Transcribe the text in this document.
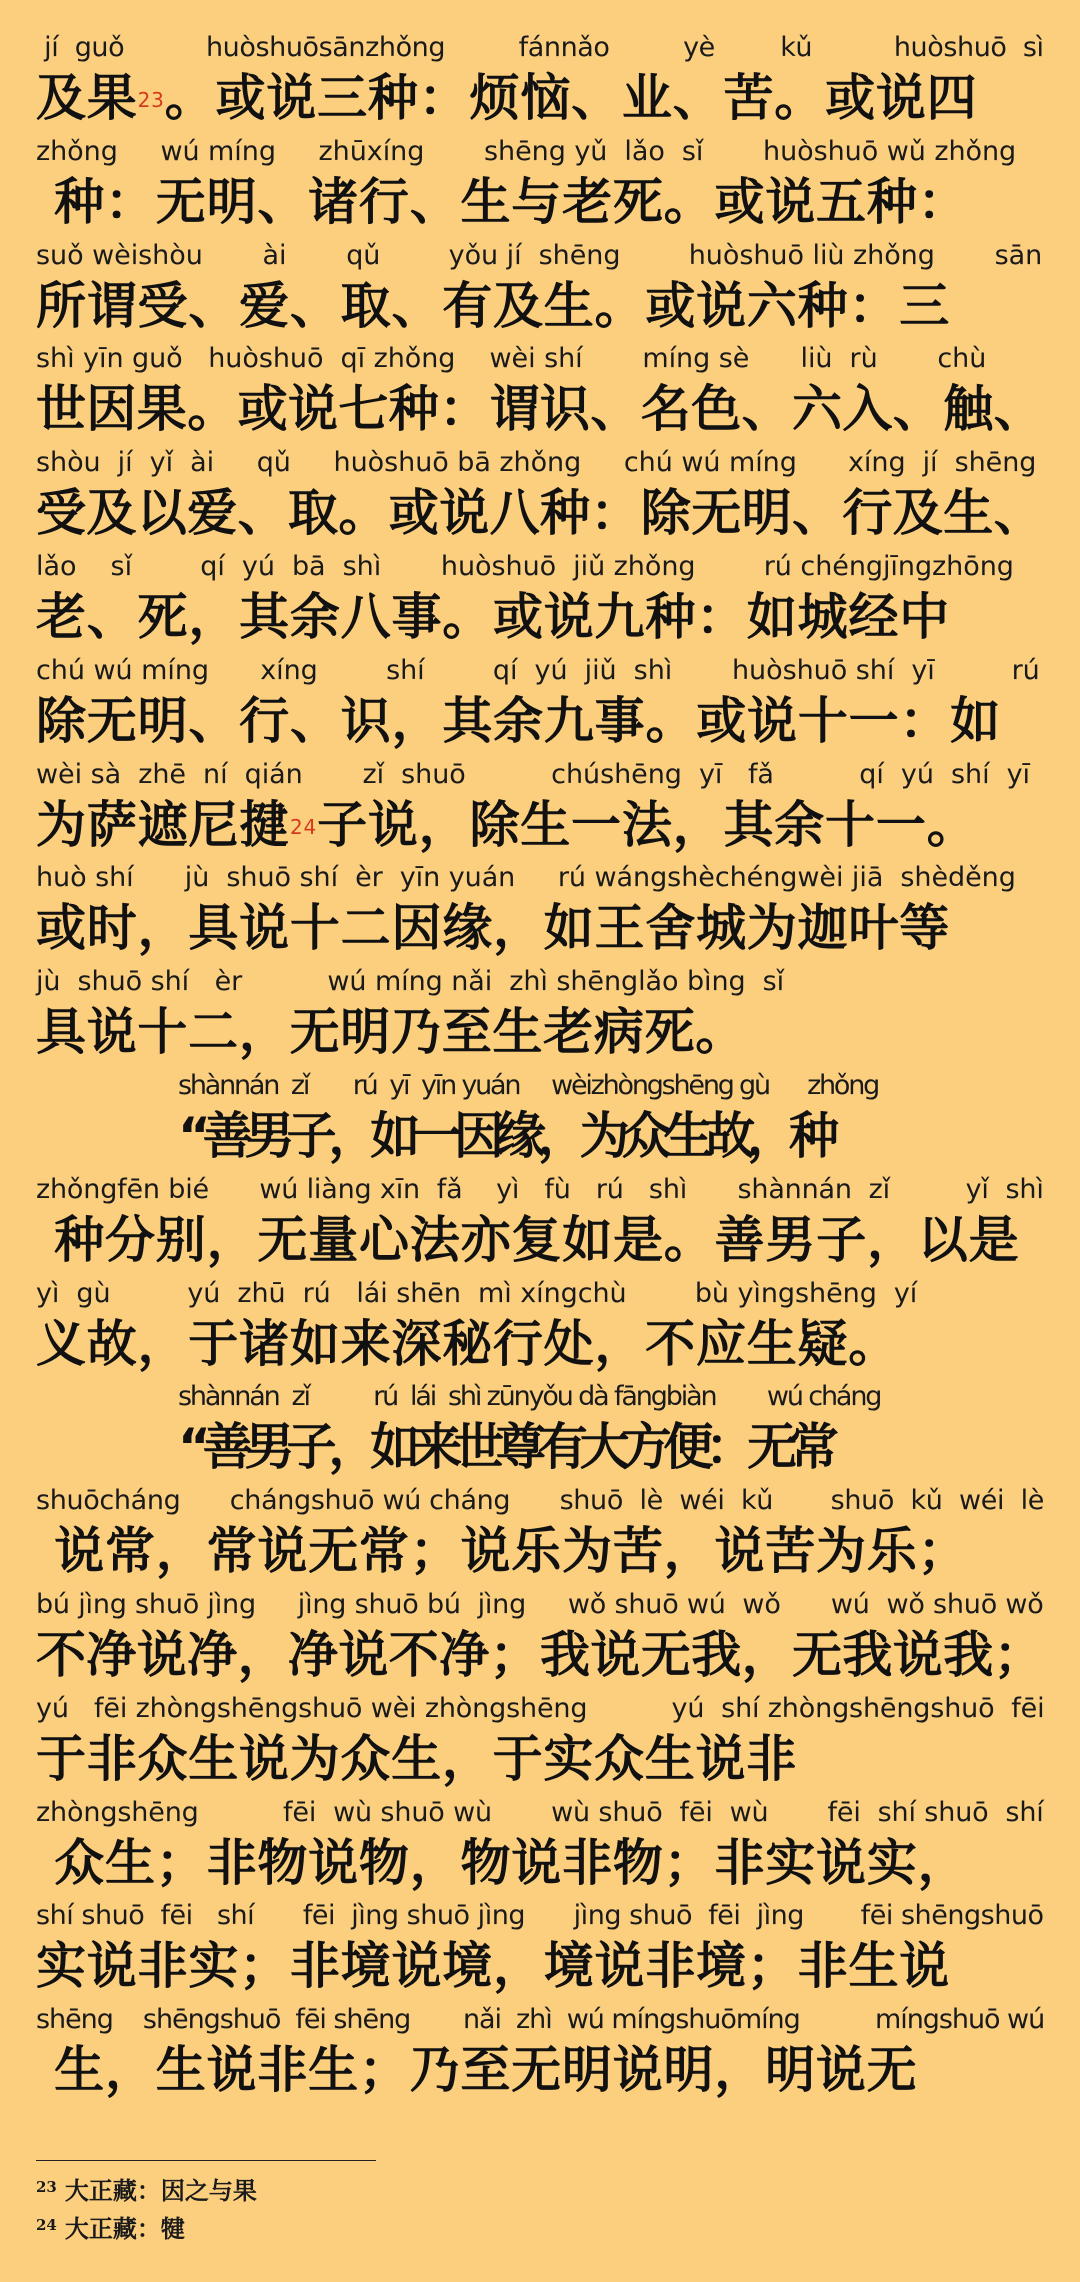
jí  guǒ          huòshuōsānzhǒng         fánnǎo         yè        kǔ          huòshuō  sì
及果$^{23}$。或说三种：烦恼、业、苦。或说四
zhǒng     wú míng     zhūxíng       shēng yǔ  lǎo  sǐ       huòshuō wǔ zhǒng
种：无明、诸行、生与老死。或说五种：
suǒ wèishòu       ài       qǔ        yǒu jí  shēng        huòshuō liù zhǒng       sān
所谓受、爱、取、有及生。或说六种：三
shì yīn guǒ   huòshuō  qī zhǒng    wèi shí       míng sè      liù  rù       chù
世因果。或说七种：谓识、名色、六入、触、
shòu  jí  yǐ  ài     qǔ     huòshuō bā zhǒng     chú wú míng      xíng  jí  shēng
受及以爱、取。或说八种：除无明、行及生、
lǎo    sǐ        qí  yú  bā  shì       huòshuō  jiǔ zhǒng        rú chéngjīngzhōng
老、死，其余八事。或说九种：如城经中
chú wú míng      xíng        shí        qí  yú  jiǔ  shì       huòshuō shí  yī         rú
除无明、行、识，其余九事。或说十一：如
wèi sà  zhē  ní  qián       zǐ  shuō          chúshēng  yī   fǎ          qí  yú  shí  yī
为萨遮尼揵$^{24}$子说，除生一法，其余十一。
huò shí      jù  shuō shí  èr  yīn yuán     rú wángshèchéngwèi jiā  shèděng
或时，具说十二因缘，如王舍城为迦叶等
jù  shuō shí   èr          wú míng nǎi  zhì shēnglǎo bìng  sǐ
具说十二，无明乃至生老病死。
shànnán  zǐ       rú  yī  yīn yuán     wèizhòngshēng gù      zhǒng
“善男子，如一因缘，为众生故，种
zhǒngfēn bié      wú liàng xīn  fǎ    yì   fù   rú   shì      shànnán  zǐ         yǐ  shì
种分别，无量心法亦复如是。善男子，以是
yì  gù         yú  zhū  rú   lái shēn  mì xíngchù        bù yìngshēng  yí
义故，于诸如来深秘行处，不应生疑。
shànnán  zǐ          rú  lái  shì zūnyǒu dà fāngbiàn        wú cháng
“善男子，如来世尊有大方便：无常
shuōcháng      chángshuō wú cháng      shuō  lè  wéi  kǔ       shuō  kǔ  wéi  lè
说常，常说无常；说乐为苦，说苦为乐；
bú jìng shuō jìng     jìng shuō bú  jìng     wǒ shuō wú  wǒ      wú  wǒ shuō wǒ
不净说净，净说不净；我说无我，无我说我；
yú   fēi zhòngshēngshuō wèi zhòngshēng          yú  shí zhòngshēngshuō  fēi
于非众生说为众生，于实众生说非
zhòngshēng          fēi  wù shuō wù       wù shuō  fēi  wù       fēi  shí shuō  shí
众生；非物说物，物说非物；非实说实，
shí shuō  fēi   shí      fēi  jìng shuō jìng      jìng shuō  fēi  jìng       fēi shēngshuō
实说非实；非境说境，境说非境；非生说
shēng    shēngshuō  fēi shēng       nǎi  zhì  wú míngshuōmíng          míngshuō wú
生，生说非生；乃至无明说明，明说无
$^{23}$ 大正藏：因之与果
$^{24}$ 大正藏：犍
